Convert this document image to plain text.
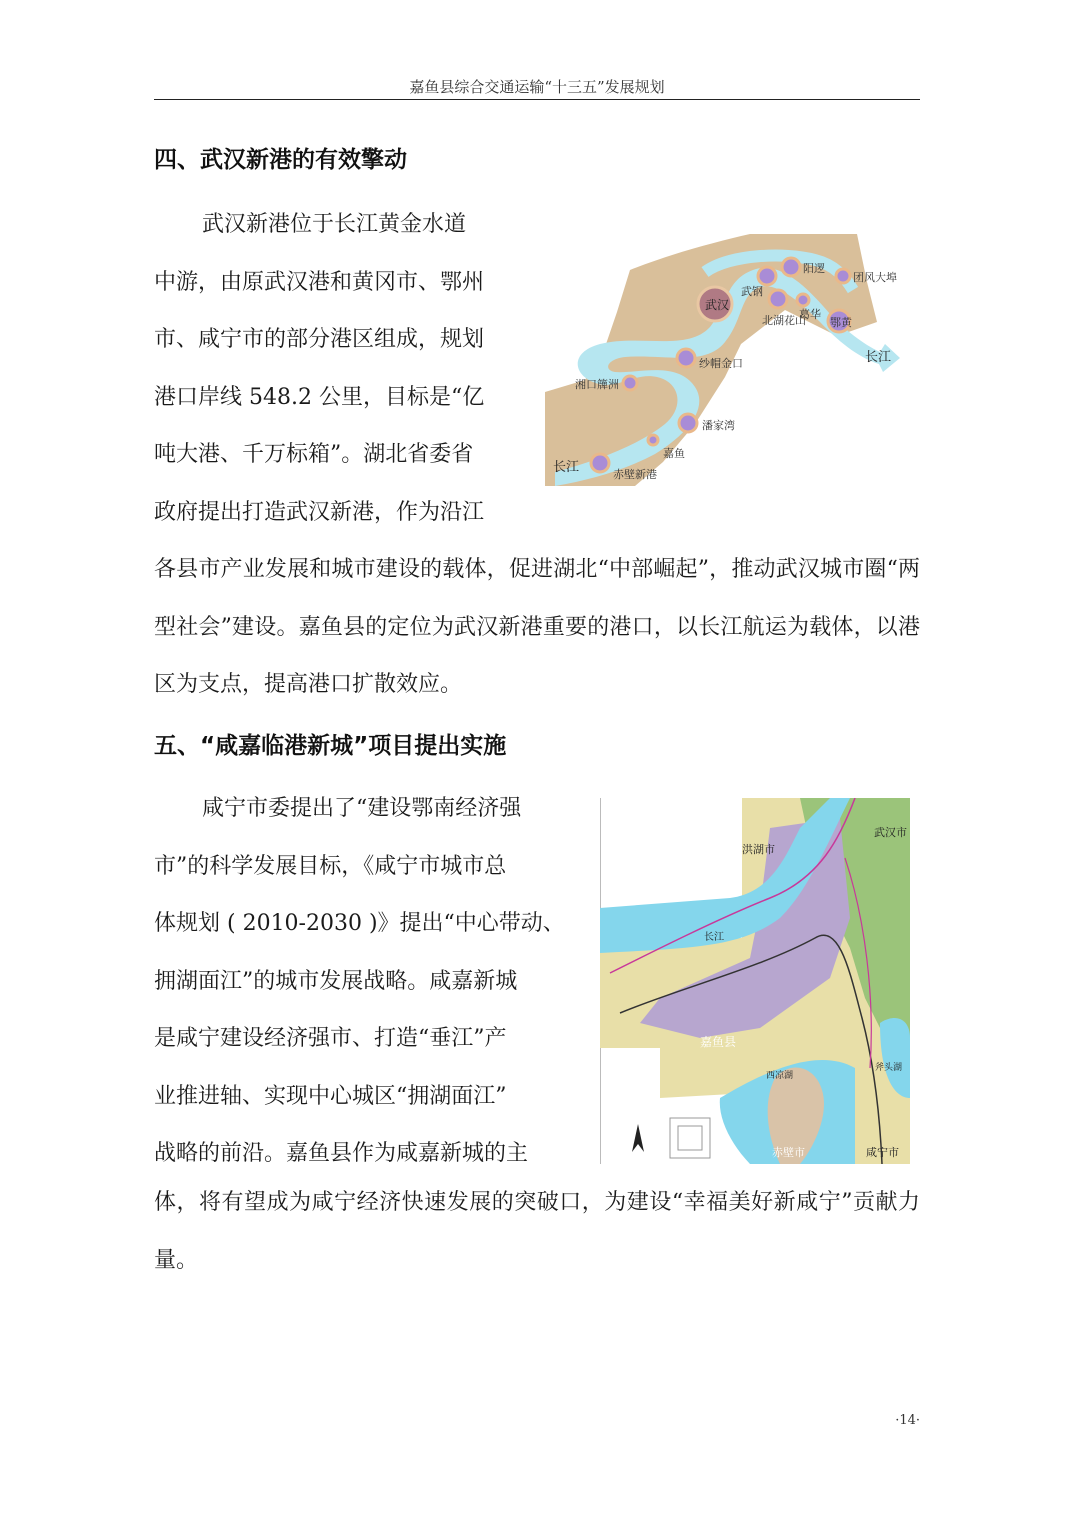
嘉鱼县综合交通运输“十三五”发展规划
四、武汉新港的有效擎动
武汉新港位于长江黄金水道
中游，由原武汉港和黄冈市、鄂州
市、咸宁市的部分港区组成，规划
港口岸线 548.2 公里，目标是“亿
吨大港、千万标箱”。湖北省委省
政府提出打造武汉新港，作为沿江
武汉
武钢
阳逻
团风大埠
葛华
北湖花山 鄂黄
长江
纱帽金口
湘口簰洲
潘家湾
嘉鱼
长江	赤壁新港

各县市产业发展和城市建设的载体，促进湖北“中部崛起”，推动武汉城市圈“两型社会”建设。嘉鱼县的定位为武汉新港重要的港口，以长江航运为载体，以港区为支点，提高港口扩散效应。

五、“咸嘉临港新城”项目提出实施
咸宁市委提出了“建设鄂南经济强
市”的科学发展目标，《咸宁市城市总
体规划 ( 2010-2030 )》提出“中心带动、
拥湖面江”的城市发展战略。咸嘉新城
是咸宁建设经济强市、打造“垂江”产
业推进轴、实现中心城区“拥湖面江”
战略的前沿。嘉鱼县作为咸嘉新城的主
洪湖市
武汉市
长江
嘉鱼县
西凉湖
斧头湖
赤壁市	咸宁市

体，将有望成为咸宁经济快速发展的突破口，为建设“幸福美好新咸宁”贡献力量。

·14·
